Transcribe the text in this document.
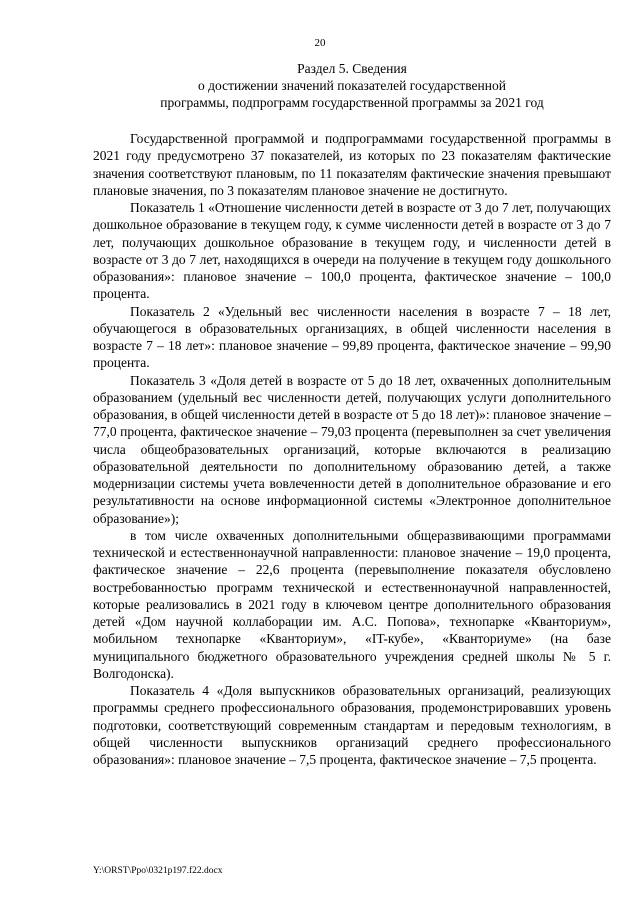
20
Раздел 5. Сведения
о достижении значений показателей государственной
программы, подпрограмм государственной программы за 2021 год

Государственной программой и подпрограммами государственной программы в 2021 году предусмотрено 37 показателей, из которых по 23 показателям фактические значения соответствуют плановым, по 11 показателям фактические значения превышают плановые значения, по 3 показателям плановое значение не достигнуто.

Показатель 1 «Отношение численности детей в возрасте от 3 до 7 лет, получающих дошкольное образование в текущем году, к сумме численности детей в возрасте от 3 до 7 лет, получающих дошкольное образование в текущем году, и численности детей в возрасте от 3 до 7 лет, находящихся в очереди на получение в текущем году дошкольного образования»: плановое значение – 100,0 процента, фактическое значение – 100,0 процента.

Показатель 2 «Удельный вес численности населения в возрасте 7 – 18 лет, обучающегося в образовательных организациях, в общей численности населения в возрасте 7 – 18 лет»: плановое значение – 99,89 процента, фактическое значение – 99,90 процента.

Показатель 3 «Доля детей в возрасте от 5 до 18 лет, охваченных дополнительным образованием (удельный вес численности детей, получающих услуги дополнительного образования, в общей численности детей в возрасте от 5 до 18 лет)»: плановое значение – 77,0 процента, фактическое значение – 79,03 процента (перевыполнен за счет увеличения числа общеобразовательных организаций, которые включаются в реализацию образовательной деятельности по дополнительному образованию детей, а также модернизации системы учета вовлеченности детей в дополнительное образование и его результативности на основе информационной системы «Электронное дополнительное образование»);

в том числе охваченных дополнительными общеразвивающими программами технической и естественнонаучной направленности: плановое значение – 19,0 процента, фактическое значение – 22,6 процента (перевыполнение показателя обусловлено востребованностью программ технической и естественнонаучной направленностей, которые реализовались в 2021 году в ключевом центре дополнительного образования детей «Дом научной коллаборации им. А.С. Попова», технопарке «Кванториум», мобильном технопарке «Кванториум», «IT-кубе», «Кванториуме» (на базе муниципального бюджетного образовательного учреждения средней школы № 5 г. Волгодонска).

Показатель 4 «Доля выпускников образовательных организаций, реализующих программы среднего профессионального образования, продемонстрировавших уровень подготовки, соответствующий современным стандартам и передовым технологиям, в общей численности выпускников организаций среднего профессионального образования»: плановое значение – 7,5 процента, фактическое значение – 7,5 процента.

Y:\ORST\Ppo\0321p197.f22.docx
